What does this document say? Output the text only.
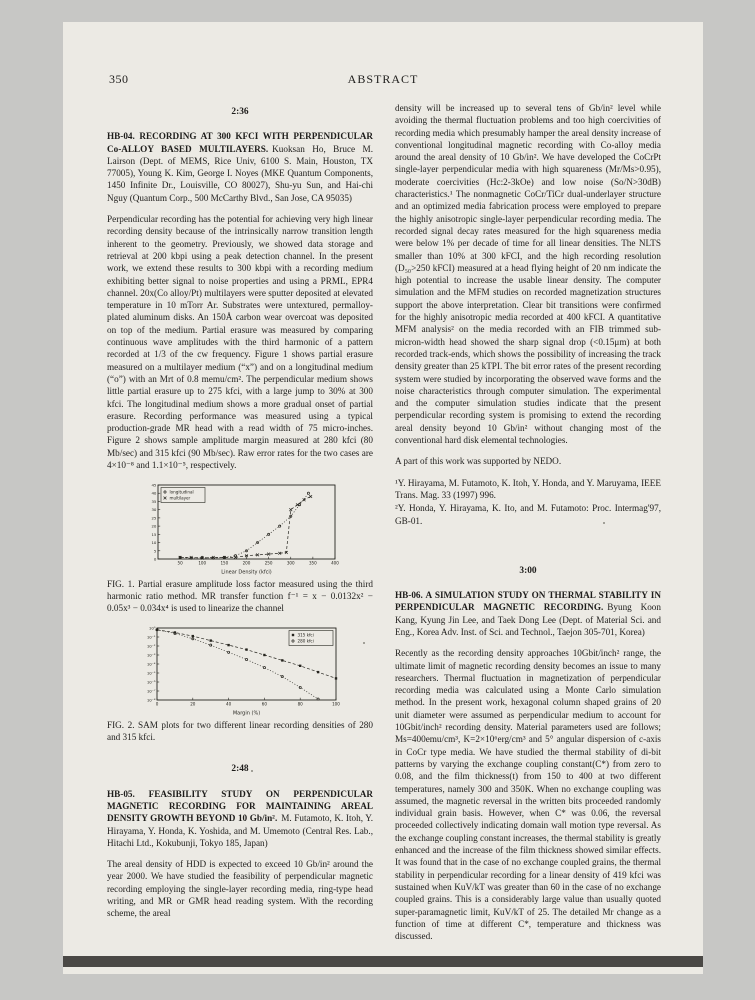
350	ABSTRACT
2:36

HB-04. RECORDING AT 300 KFCI WITH PERPENDICULAR Co-ALLOY BASED MULTILAYERS. Kuoksan Ho, Bruce M. Lairson (Dept. of MEMS, Rice Univ, 6100 S. Main, Houston, TX 77005), Young K. Kim, George I. Noyes (MKE Quantum Components, 1450 Infinite Dr., Louisville, CO 80027), Shu-yu Sun, and Hai-chi Nguy (Quantum Corp., 500 McCarthy Blvd., San Jose, CA 95035)

Perpendicular recording has the potential for achieving very high linear recording density because of the intrinsically narrow transition length inherent to the geometry. Previously, we showed data storage and retrieval at 200 kbpi using a peak detection channel. In the present work, we extend these results to 300 kbpi with a recording medium exhibiting better signal to noise properties and using a PRML, EPR4 channel. 20x(Co alloy/Pt) multilayers were sputter deposited at elevated temperature in 10 mTorr Ar. Substrates were untextured, permalloy-plated aluminum disks. An 150Å carbon wear overcoat was deposited on top of the medium. Partial erasure was measured by comparing continuous wave amplitudes with the third harmonic of a pattern recorded at 1/3 of the cw frequency. Figure 1 shows partial erasure measured on a multilayer medium (“x”) and on a longitudinal medium (“o”) with an Mrt of 0.8 memu/cm². The perpendicular medium shows little partial erasure up to 275 kfci, with a large jump to 30% at 300 kfci. The longitudinal medium shows a more gradual onset of partial erasure. Recording performance was measured using a typical production-grade MR head with a read width of 75 micro-inches. Figure 2 shows sample amplitude margin measured at 280 kfci (80 Mb/sec) and 315 kfci (90 Mb/sec). Raw error rates for the two cases are 4×10⁻⁸ and 1.1×10⁻⁵, respectively.

50	100	150	200	250	300	350	400
0
5
10
15
20
25
30
35
40
45
Linear Density (kfci)
longitudinal
multilayer

FIG. 1. Partial erasure amplitude loss factor measured using the third harmonic ratio method. MR transfer function f⁻¹ = x − 0.0132x² − 0.05x³ − 0.034x⁴ is used to linearize the channel

0	20	40	60	80	100
10⁰
10⁻¹
10⁻²
10⁻³
10⁻⁴
10⁻⁵
10⁻⁶
10⁻⁷
10⁻⁸
Margin (%)
315 kfci
280 kfci

FIG. 2. SAM plots for two different linear recording densities of 280 and 315 kfci.

2:48

HB-05. FEASIBILITY STUDY ON PERPENDICULAR MAGNETIC RECORDING FOR MAINTAINING AREAL DENSITY GROWTH BEYOND 10 Gb/in². M. Futamoto, K. Itoh, Y. Hirayama, Y. Honda, K. Yoshida, and M. Umemoto (Central Res. Lab., Hitachi Ltd., Kokubunji, Tokyo 185, Japan)

The areal density of HDD is expected to exceed 10 Gb/in² around the year 2000. We have studied the feasibility of perpendicular magnetic recording employing the single-layer recording media, ring-type head writing, and MR or GMR head reading system. With the recording scheme, the areal

density will be increased up to several tens of Gb/in² level while avoiding the thermal fluctuation problems and too high coercivities of recording media which presumably hamper the areal density increase of conventional longitudinal magnetic recording with Co-alloy media around the areal density of 10 Gb/in². We have developed the CoCrPt single-layer perpendicular media with high squareness (Mr/Ms>0.95), moderate coercivities (Hc:2-3kOe) and low noise (So/N>30dB) characteristics.¹ The nonmagnetic CoCr/TiCr dual-underlayer structure and an optimized media fabrication process were employed to prepare the highly anisotropic single-layer perpendicular recording media. The recorded signal decay rates measured for the high squareness media were below 1% per decade of time for all linear densities. The NLTS smaller than 10% at 300 kFCI, and the high recording resolution (D₅₀>250 kFCI) measured at a head flying height of 20 nm indicate the high potential to increase the usable linear density. The computer simulation and the MFM studies on recorded magnetization structures support the above interpretation. Clear bit transitions were confirmed for the highly anisotropic media recorded at 400 kFCI. A quantitative MFM analysis² on the media recorded with an FIB trimmed sub-micron-width head showed the sharp signal drop (<0.15μm) at both recorded track-ends, which shows the possibility of increasing the track density greater than 25 kTPI. The bit error rates of the present recording system were studied by incorporating the observed wave forms and the noise characteristics through computer simulation. The experimental and the computer simulation studies indicate that the present perpendicular recording system is promising to extend the recording areal density beyond 10 Gb/in² without changing most of the conventional hard disk elemental technologies.

A part of this work was supported by NEDO.

¹Y. Hirayama, M. Futamoto, K. Itoh, Y. Honda, and Y. Maruyama, IEEE Trans. Mag. 33 (1997) 996.

²Y. Honda, Y. Hirayama, K. Ito, and M. Futamoto: Proc. Intermag'97, GB-01.

3:00

HB-06. A SIMULATION STUDY ON THERMAL STABILITY IN PERPENDICULAR MAGNETIC RECORDING. Byung Koon Kang, Kyung Jin Lee, and Taek Dong Lee (Dept. of Material Sci. and Eng., Korea Adv. Inst. of Sci. and Technol., Taejon 305-701, Korea)

Recently as the recording density approaches 10Gbit/inch² range, the ultimate limit of magnetic recording density becomes an issue to many researchers. Thermal fluctuation in magnetization of perpendicular recording media was calculated using a Monte Carlo simulation method. In the present work, hexagonal column shaped grains of 20 unit diameter were assumed as perpendicular medium to account for 10Gbit/inch² recording density. Material parameters used are follows; Ms=400emu/cm³, K=2×10⁶erg/cm³ and 5° angular dispersion of c-axis in CoCr type media. We have studied the thermal stability of di-bit patterns by varying the exchange coupling constant(C*) from zero to 0.08, and the film thickness(t) from 150 to 400 at two different temperatures, namely 300 and 350K. When no exchange coupling was assumed, the magnetic reversal in the written bits proceeded randomly individual grain basis. However, when C* was 0.06, the reversal proceeded collectively indicating domain wall motion type reversal. As the exchange coupling constant increases, the thermal stability is greatly enhanced and the increase of the film thickness showed similar effects. It was found that in the case of no exchange coupled grains, the thermal stability in perpendicular recording for a linear density of 419 kfci was sustained when KuV/kT was greater than 60 in the case of no exchange coupled grains. This is a considerably large value than usually quoted super-paramagnetic limit, KuV/kT of 25. The detailed Mr change as a function of time at different C*, temperature and thickness was discussed.
